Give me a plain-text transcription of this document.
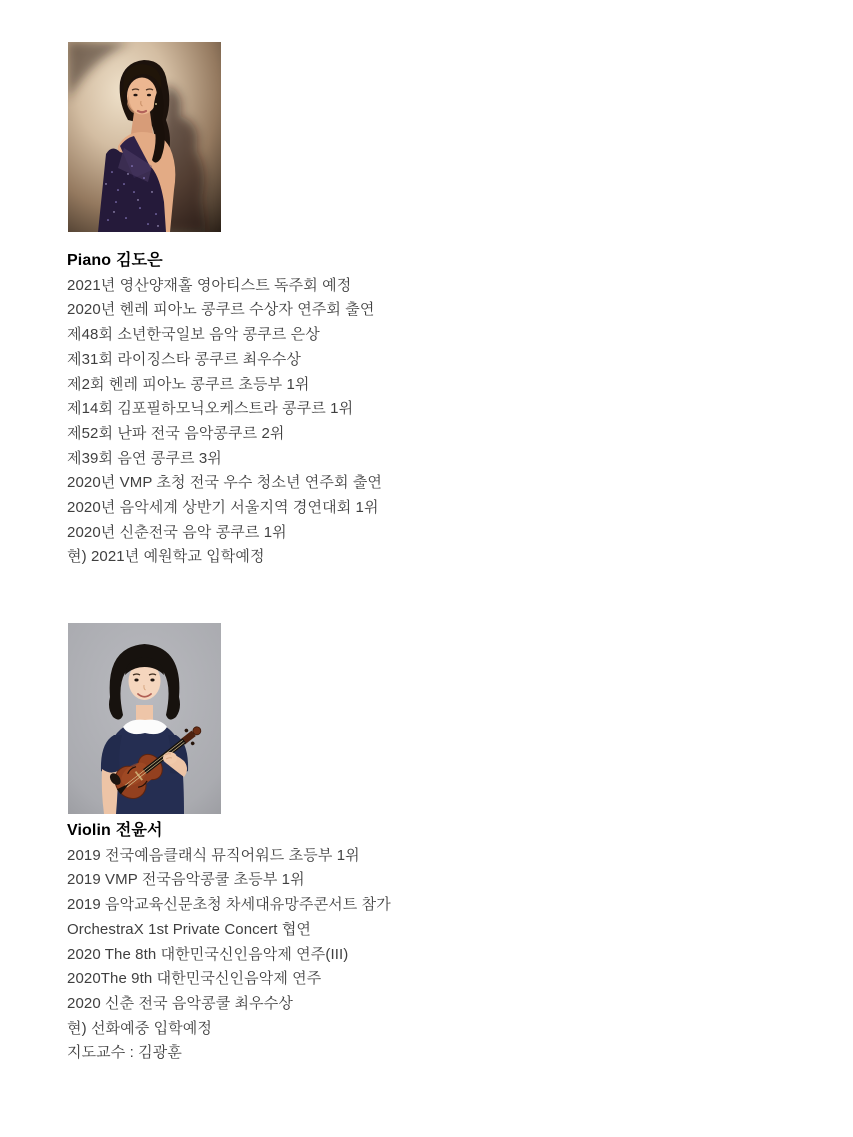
Piano 김도은
2021년 영산양재홀 영아티스트 독주회 예정
2020년 헨레 피아노 콩쿠르 수상자 연주회 출연
제48회 소년한국일보 음악 콩쿠르 은상
제31회 라이징스타 콩쿠르 최우수상
제2회 헨레 피아노 콩쿠르 초등부 1위
제14회 김포필하모닉오케스트라 콩쿠르 1위
제52회 난파 전국 음악콩쿠르 2위
제39회 음연 콩쿠르 3위
2020년 VMP 초청 전국 우수 청소년 연주회 출연
2020년 음악세계 상반기 서울지역 경연대회 1위
2020년 신춘전국 음악 콩쿠르 1위
현) 2021년 예원학교 입학예정
Violin 전윤서
2019 전국예음클래식 뮤직어워드 초등부 1위
2019 VMP 전국음악콩쿨 초등부 1위
2019 음악교육신문초청 차세대유망주콘서트 참가
OrchestraX 1st Private Concert 협연
2020 The 8th 대한민국신인음악제 연주(III)
2020The 9th 대한민국신인음악제 연주
2020 신춘 전국 음악콩쿨 최우수상
현) 선화예중 입학예정
지도교수 : 김광훈
